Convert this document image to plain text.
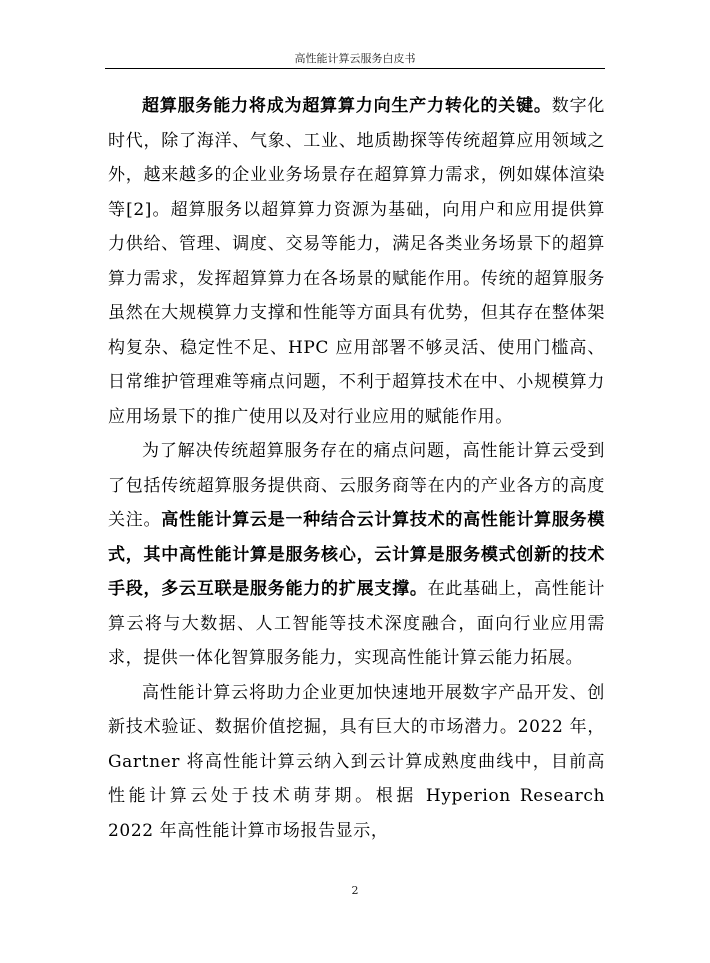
高性能计算云服务白皮书

超算服务能力将成为超算算力向生产力转化的关键。数字化时代，除了海洋、气象、工业、地质勘探等传统超算应用领域之外，越来越多的企业业务场景存在超算算力需求，例如媒体渲染等[2]。超算服务以超算算力资源为基础，向用户和应用提供算力供给、管理、调度、交易等能力，满足各类业务场景下的超算算力需求，发挥超算算力在各场景的赋能作用。传统的超算服务虽然在大规模算力支撑和性能等方面具有优势，但其存在整体架构复杂、稳定性不足、HPC 应用部署不够灵活、使用门槛高、日常维护管理难等痛点问题，不利于超算技术在中、小规模算力应用场景下的推广使用以及对行业应用的赋能作用。

为了解决传统超算服务存在的痛点问题，高性能计算云受到了包括传统超算服务提供商、云服务商等在内的产业各方的高度关注。高性能计算云是一种结合云计算技术的高性能计算服务模式，其中高性能计算是服务核心，云计算是服务模式创新的技术手段，多云互联是服务能力的扩展支撑。在此基础上，高性能计算云将与大数据、人工智能等技术深度融合，面向行业应用需求，提供一体化智算服务能力，实现高性能计算云能力拓展。

高性能计算云将助力企业更加快速地开展数字产品开发、创新技术验证、数据价值挖掘，具有巨大的市场潜力。2022 年，Gartner 将高性能计算云纳入到云计算成熟度曲线中，目前高性能计算云处于技术萌芽期。根据 Hyperion Research 2022 年高性能计算市场报告显示，

2
